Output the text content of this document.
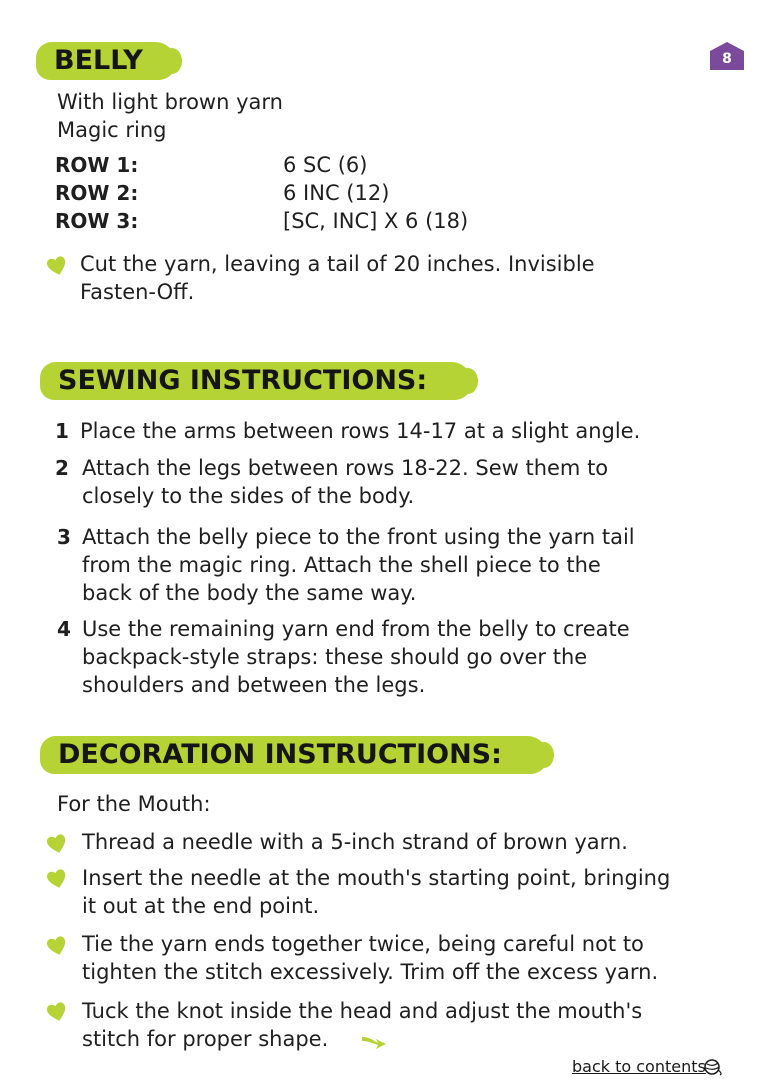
8
BELLY
With light brown yarn
Magic ring
ROW 1:	6 SC (6)
ROW 2:	6 INC (12)
ROW 3:	[SC, INC] X 6 (18)
Cut the yarn, leaving a tail of 20 inches. Invisible
Fasten-Off.
SEWING INSTRUCTIONS:
1 Place the arms between rows 14-17 at a slight angle.
2 Attach the legs between rows 18-22. Sew them to
closely to the sides of the body.
3 Attach the belly piece to the front using the yarn tail
from the magic ring. Attach the shell piece to the
back of the body the same way.
4 Use the remaining yarn end from the belly to create
backpack-style straps: these should go over the
shoulders and between the legs.
DECORATION INSTRUCTIONS:
For the Mouth:
Thread a needle with a 5-inch strand of brown yarn.
Insert the needle at the mouth's starting point, bringing
it out at the end point.
Tie the yarn ends together twice, being careful not to
tighten the stitch excessively. Trim off the excess yarn.
Tuck the knot inside the head and adjust the mouth's
stitch for proper shape.
back to contents
